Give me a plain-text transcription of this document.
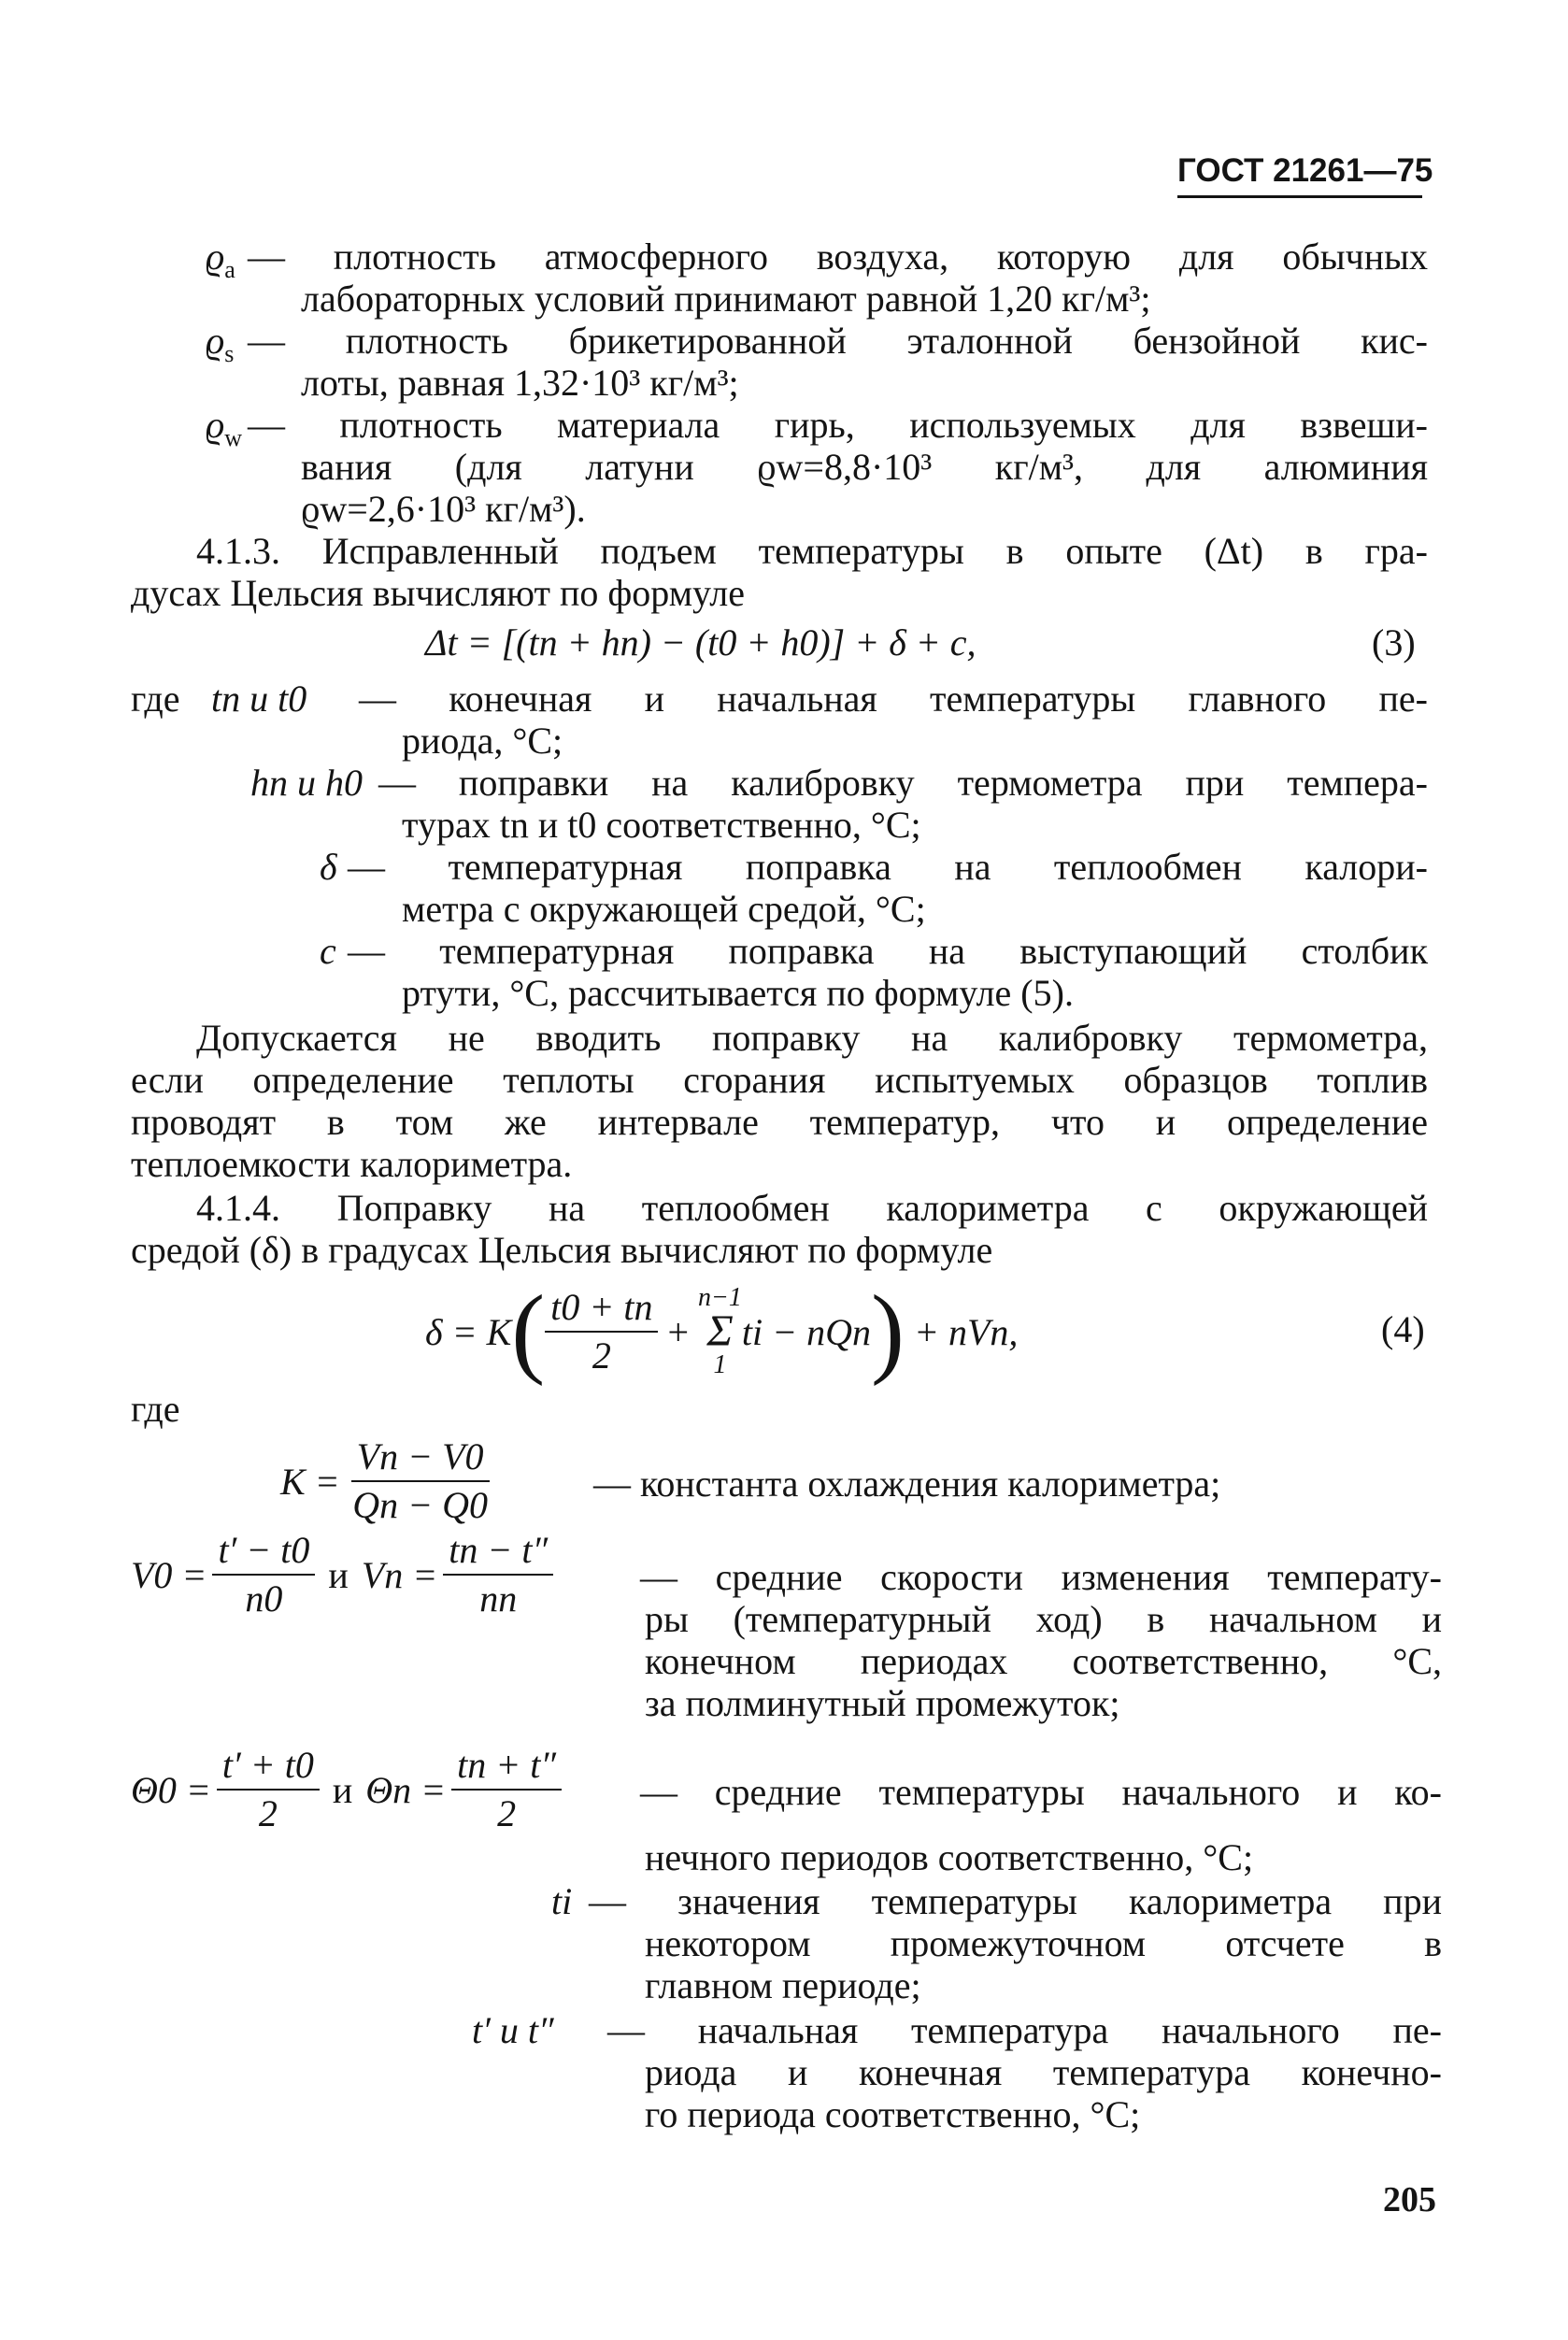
ГОСТ 21261—75
$ϱ_a$ — плотность атмосферного воздуха, которую для обычных
лабораторных условий принимают равной 1,20 кг/м³;
$ϱ_s$ — плотность брикетированной эталонной бензойной кис-
лоты, равная 1,32·10³ кг/м³;
$ϱ_w$ — плотность материала гирь, используемых для взвеши-
вания (для латуни ϱw=8,8·10³ кг/м³, для алюминия
ϱw=2,6·10³ кг/м³).
4.1.3. Исправленный подъем температуры в опыте (Δt) в гра-
дусах Цельсия вычисляют по формуле
Δt = [(tn + hn) − (t0 + h0)] + δ + c,	(3)
где tn и t0 — конечная и начальная температуры главного пе-
риода, °С;
hn и h0 — поправки на калибровку термометра при темпера-
турах tn и t0 соответственно, °С;
δ — температурная поправка на теплообмен калори-
метра с окружающей средой, °С;
c — температурная поправка на выступающий столбик
ртути, °С, рассчитывается по формуле (5).
Допускается не вводить поправку на калибровку термометра,
если определение теплоты сгорания испытуемых образцов топлив
проводят в том же интервале температур, что и определение
теплоемкости калориметра.
4.1.4. Поправку на теплообмен калориметра с окружающей
средой (δ) в градусах Цельсия вычисляют по формуле
δ = K ( $\frac{t0 + tn}{2}$ +
n−1
Σ
1
ti − nQn ) + nVn,	(4)
где
$K = \frac{Vn - V0}{Qn - Q0}$	— константа охлаждения калориметра;
$V0 = \frac{t' - t0}{n0}$ и $Vn = \frac{tn - t''}{nn}$ — средние скорости изменения температу-
ры (температурный ход) в начальном и
конечном периодах соответственно, °С,
за полминутный промежуток;
$\Theta 0 = \frac{t' + t0}{2}$ и $\Theta n = \frac{tn + t''}{2}$ — средние температуры начального и ко-
нечного периодов соответственно, °С;
ti — значения температуры калориметра при
некотором промежуточном отсчете в
главном периоде;
t′ и t″ — начальная температура начального пе-
риода и конечная температура конечно-
го периода соответственно, °С;
205
